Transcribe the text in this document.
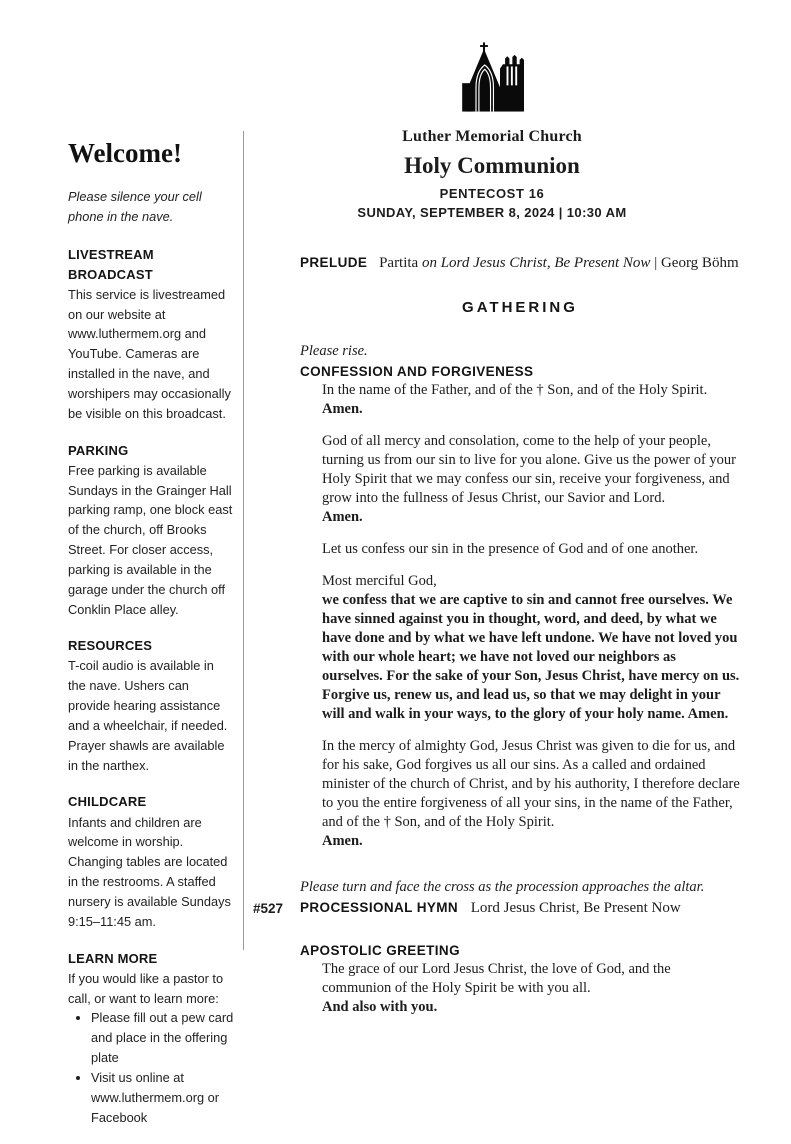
Luther Memorial Church
Holy Communion
PENTECOST 16
SUNDAY, SEPTEMBER 8, 2024 | 10:30 AM
Welcome!
Please silence your cell phone in the nave.
LIVESTREAM BROADCAST
This service is livestreamed on our website at www.luthermem.org and YouTube. Cameras are installed in the nave, and worshipers may occasionally be visible on this broadcast.
PARKING
Free parking is available Sundays in the Grainger Hall parking ramp, one block east of the church, off Brooks Street. For closer access, parking is available in the garage under the church off Conklin Place alley.
RESOURCES
T-coil audio is available in the nave. Ushers can provide hearing assistance and a wheelchair, if needed. Prayer shawls are available in the narthex.
CHILDCARE
Infants and children are welcome in worship. Changing tables are located in the restrooms. A staffed nursery is available Sundays 9:15–11:45 am.
LEARN MORE
If you would like a pastor to call, or want to learn more:
• Please fill out a pew card and place in the offering plate
• Visit us online at www.luthermem.org or Facebook
PRELUDE Partita on Lord Jesus Christ, Be Present Now | Georg Böhm
GATHERING
Please rise.
CONFESSION AND FORGIVENESS
In the name of the Father, and of the † Son, and of the Holy Spirit.
Amen.
God of all mercy and consolation, come to the help of your people, turning us from our sin to live for you alone. Give us the power of your Holy Spirit that we may confess our sin, receive your forgiveness, and grow into the fullness of Jesus Christ, our Savior and Lord.
Amen.
Let us confess our sin in the presence of God and of one another.
Most merciful God,
we confess that we are captive to sin and cannot free ourselves. We have sinned against you in thought, word, and deed, by what we have done and by what we have left undone. We have not loved you with our whole heart; we have not loved our neighbors as ourselves. For the sake of your Son, Jesus Christ, have mercy on us. Forgive us, renew us, and lead us, so that we may delight in your will and walk in your ways, to the glory of your holy name. Amen.
In the mercy of almighty God, Jesus Christ was given to die for us, and for his sake, God forgives us all our sins. As a called and ordained minister of the church of Christ, and by his authority, I therefore declare to you the entire forgiveness of all your sins, in the name of the Father, and of the † Son, and of the Holy Spirit.
Amen.
Please turn and face the cross as the procession approaches the altar.
#527 PROCESSIONAL HYMN Lord Jesus Christ, Be Present Now
APOSTOLIC GREETING
The grace of our Lord Jesus Christ, the love of God, and the communion of the Holy Spirit be with you all.
And also with you.
